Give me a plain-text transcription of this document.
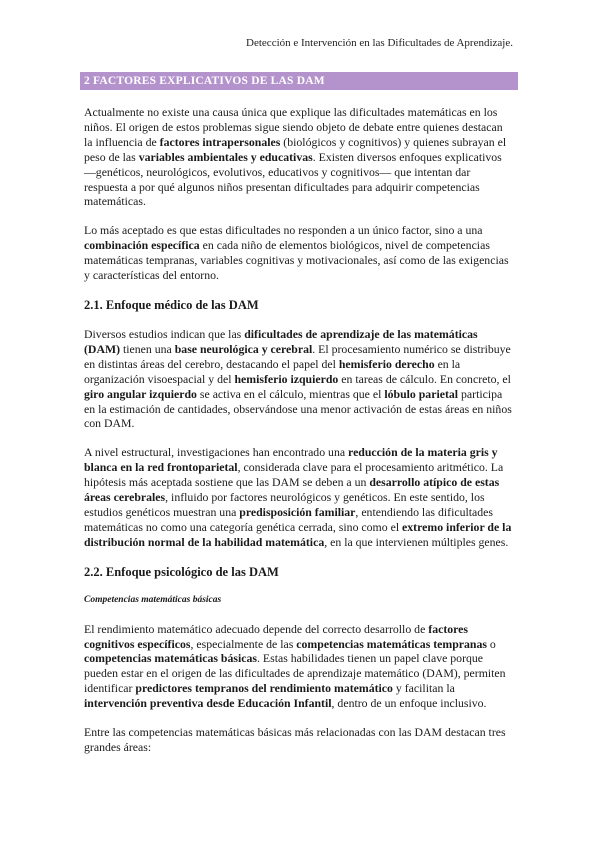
Detección e Intervención en las Dificultades de Aprendizaje.
2 FACTORES EXPLICATIVOS DE LAS DAM

Actualmente no existe una causa única que explique las dificultades matemáticas en los niños. El origen de estos problemas sigue siendo objeto de debate entre quienes destacan la influencia de factores intrapersonales (biológicos y cognitivos) y quienes subrayan el peso de las variables ambientales y educativas. Existen diversos enfoques explicativos —genéticos, neurológicos, evolutivos, educativos y cognitivos— que intentan dar respuesta a por qué algunos niños presentan dificultades para adquirir competencias matemáticas.

Lo más aceptado es que estas dificultades no responden a un único factor, sino a una combinación específica en cada niño de elementos biológicos, nivel de competencias matemáticas tempranas, variables cognitivas y motivacionales, así como de las exigencias y características del entorno.

2.1. Enfoque médico de las DAM

Diversos estudios indican que las dificultades de aprendizaje de las matemáticas (DAM) tienen una base neurológica y cerebral. El procesamiento numérico se distribuye en distintas áreas del cerebro, destacando el papel del hemisferio derecho en la organización visoespacial y del hemisferio izquierdo en tareas de cálculo. En concreto, el giro angular izquierdo se activa en el cálculo, mientras que el lóbulo parietal participa en la estimación de cantidades, observándose una menor activación de estas áreas en niños con DAM.

A nivel estructural, investigaciones han encontrado una reducción de la materia gris y blanca en la red frontoparietal, considerada clave para el procesamiento aritmético. La hipótesis más aceptada sostiene que las DAM se deben a un desarrollo atípico de estas áreas cerebrales, influido por factores neurológicos y genéticos. En este sentido, los estudios genéticos muestran una predisposición familiar, entendiendo las dificultades matemáticas no como una categoría genética cerrada, sino como el extremo inferior de la distribución normal de la habilidad matemática, en la que intervienen múltiples genes.

2.2. Enfoque psicológico de las DAM
Competencias matemáticas básicas

El rendimiento matemático adecuado depende del correcto desarrollo de factores cognitivos específicos, especialmente de las competencias matemáticas tempranas o competencias matemáticas básicas. Estas habilidades tienen un papel clave porque pueden estar en el origen de las dificultades de aprendizaje matemático (DAM), permiten identificar predictores tempranos del rendimiento matemático y facilitan la intervención preventiva desde Educación Infantil, dentro de un enfoque inclusivo.

Entre las competencias matemáticas básicas más relacionadas con las DAM destacan tres grandes áreas:
